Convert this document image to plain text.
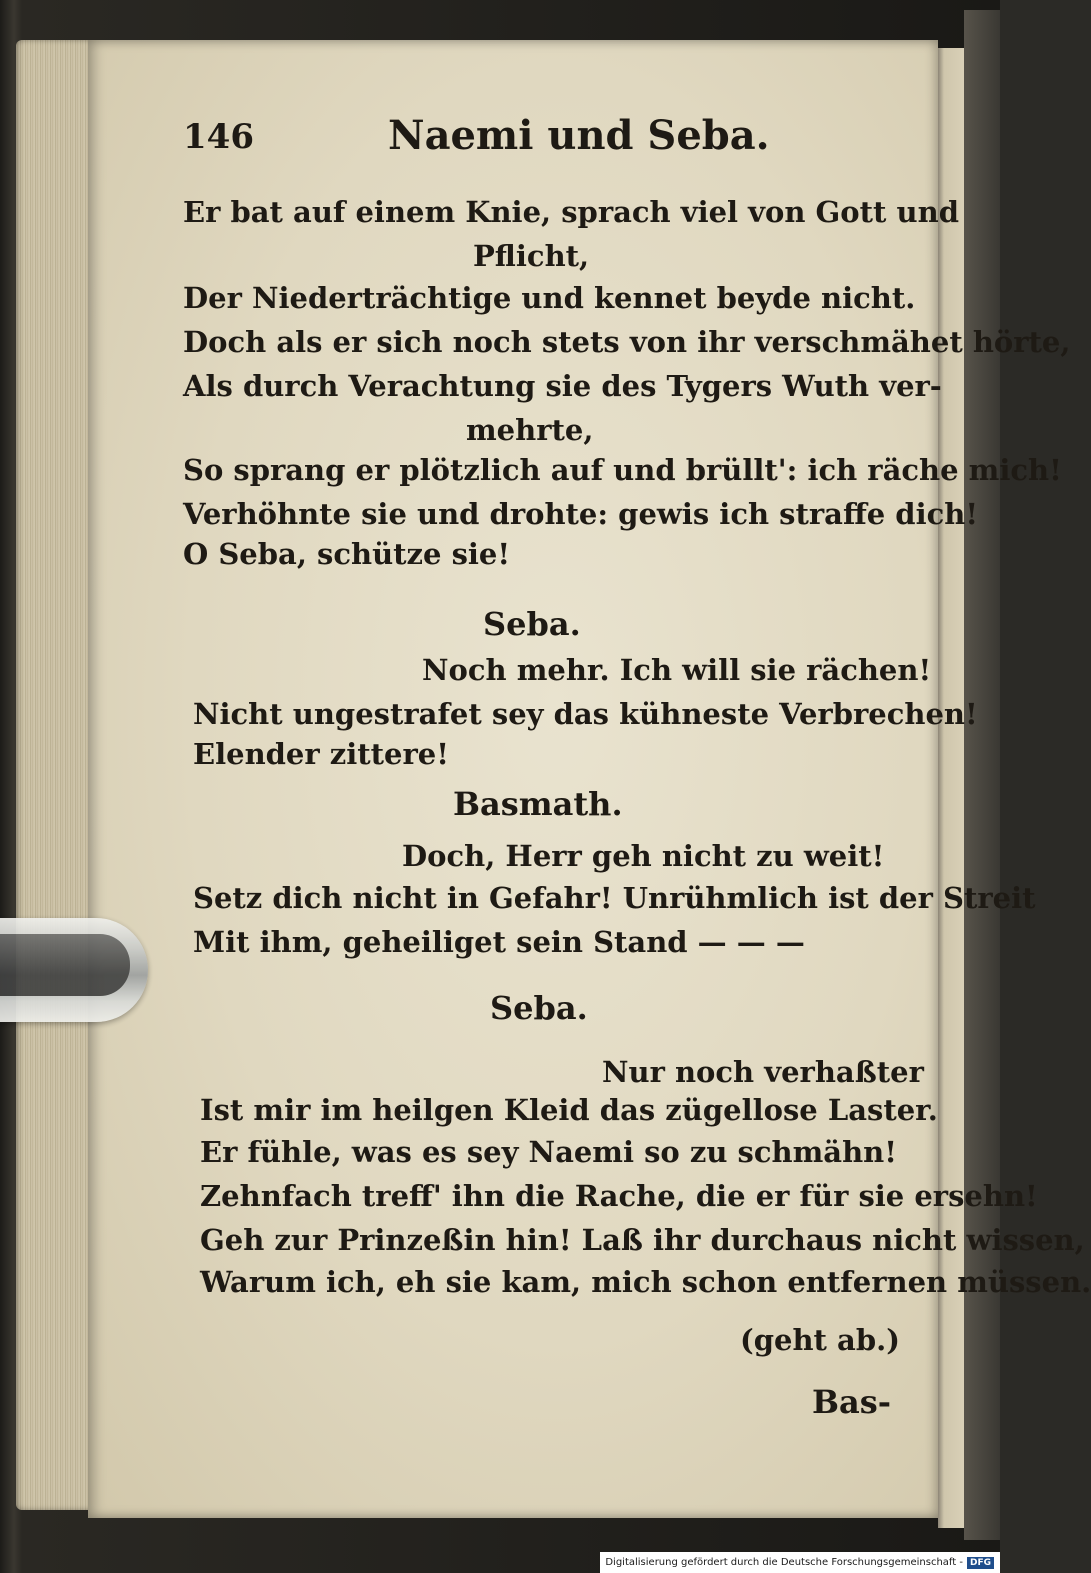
146	Naemi und Seba.
Er bat auf einem Knie, sprach viel von Gott und
Pflicht,
Der Niederträchtige und kennet beyde nicht.
Doch als er sich noch stets von ihr verschmähet hörte,
Als durch Verachtung sie des Tygers Wuth ver-
mehrte,
So sprang er plötzlich auf und brüllt': ich räche mich!
Verhöhnte sie und drohte: gewis ich straffe dich!
O Seba, schütze sie!
Seba.
Noch mehr. Ich will sie rächen!
Nicht ungestrafet sey das kühneste Verbrechen!
Elender zittere!
Basmath.
Doch, Herr geh nicht zu weit!
Setz dich nicht in Gefahr! Unrühmlich ist der Streit
Mit ihm, geheiliget sein Stand — — —
Seba.
Nur noch verhaßter
Ist mir im heilgen Kleid das zügellose Laster.
Er fühle, was es sey Naemi so zu schmähn!
Zehnfach treff' ihn die Rache, die er für sie ersehn!
Geh zur Prinzeßin hin! Laß ihr durchaus nicht wissen,
Warum ich, eh sie kam, mich schon entfernen müssen.
(geht ab.)
Bas-
Digitalisierung gefördert durch die Deutsche Forschungsgemeinschaft - DFG
